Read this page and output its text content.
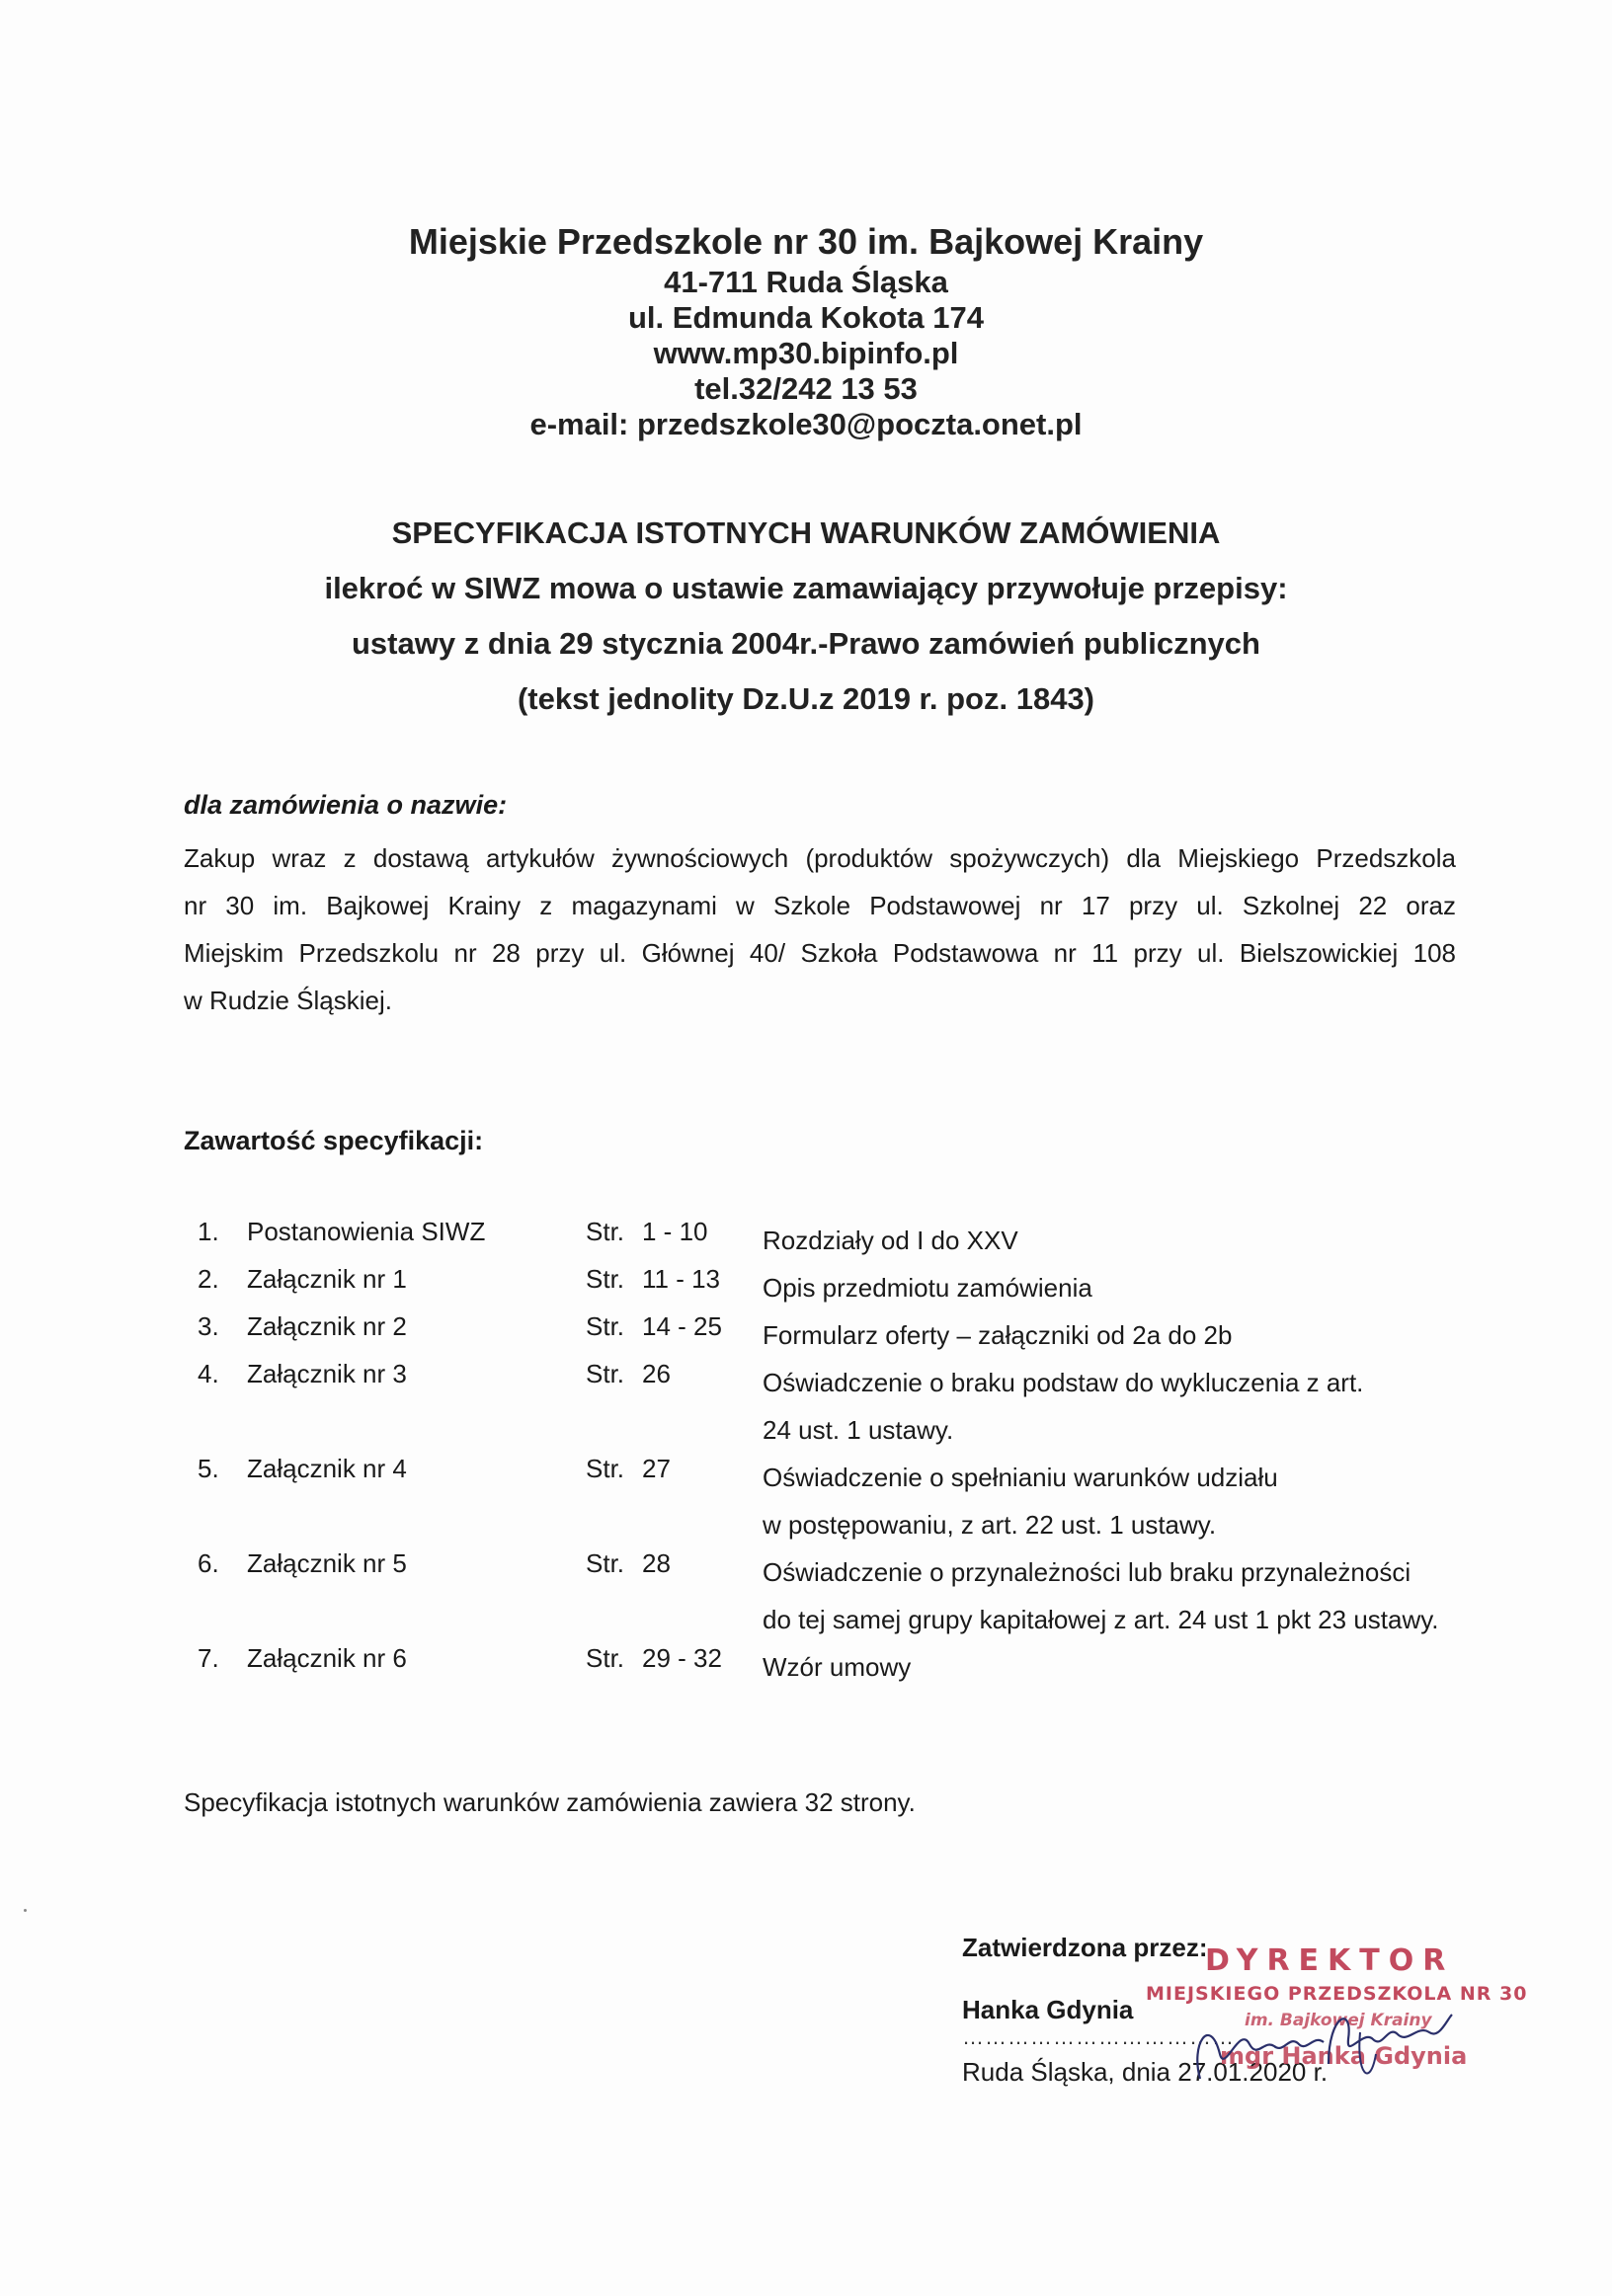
Miejskie Przedszkole nr 30 im. Bajkowej Krainy
41-711 Ruda Śląska
ul. Edmunda Kokota 174
www.mp30.bipinfo.pl
tel.32/242 13 53
e-mail: przedszkole30@poczta.onet.pl
SPECYFIKACJA ISTOTNYCH WARUNKÓW ZAMÓWIENIA
ilekroć w SIWZ mowa o ustawie zamawiający przywołuje przepisy:
ustawy z dnia 29 stycznia 2004r.-Prawo zamówień publicznych
(tekst jednolity Dz.U.z 2019 r. poz. 1843)
dla zamówienia o nazwie:
Zakup wraz z dostawą artykułów żywnościowych (produktów spożywczych) dla Miejskiego Przedszkola
nr 30 im. Bajkowej Krainy z magazynami w Szkole Podstawowej nr 17 przy ul. Szkolnej 22 oraz
Miejskim Przedszkolu nr 28 przy ul. Głównej 40/ Szkoła Podstawowa nr 11 przy ul. Bielszowickiej 108
w Rudzie Śląskiej.
Zawartość specyfikacji:
1. Postanowienia SIWZ	Str. 1 - 10 Rozdziały od I do XXV
2. Załącznik nr 1	Str. 11 - 13 Opis przedmiotu zamówienia
3. Załącznik nr 2	Str. 14 - 25 Formularz oferty – załączniki od 2a do 2b
4. Załącznik nr 3	Str. 26	Oświadczenie o braku podstaw do wykluczenia z art.
24 ust. 1 ustawy.
5. Załącznik nr 4	Str. 27	Oświadczenie o spełnianiu warunków udziału
w postępowaniu, z art. 22 ust. 1 ustawy.
6. Załącznik nr 5	Str. 28	Oświadczenie o przynależności lub braku przynależności
do tej samej grupy kapitałowej z art. 24 ust 1 pkt 23 ustawy.
7. Załącznik nr 6	Str. 29 - 32 Wzór umowy
Specyfikacja istotnych warunków zamówienia zawiera 32 strony.
Zatwierdzona przez:
Hanka Gdynia
………………………………
Ruda Śląska, dnia 27.01.2020 r.
DYREKTOR
MIEJSKIEGO PRZEDSZKOLA NR 30
im. Bajkowej Krainy
mgr Hanka Gdynia
